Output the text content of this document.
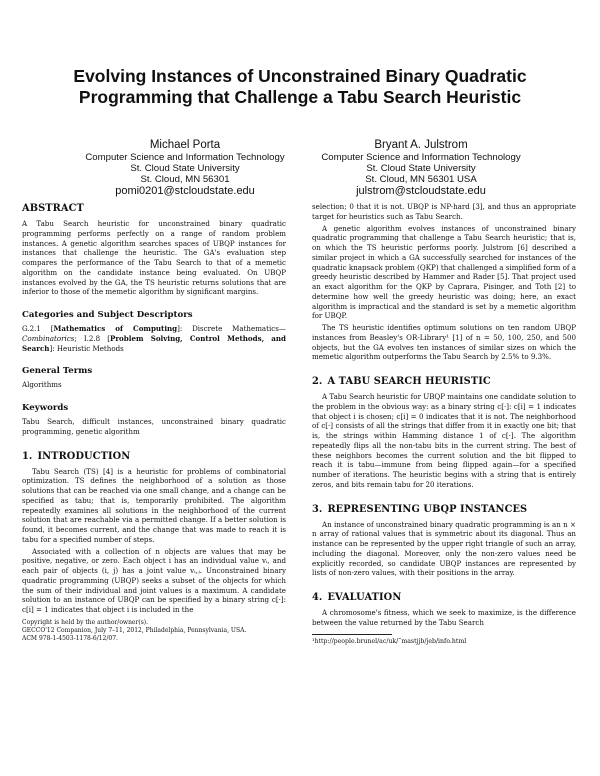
Evolving Instances of Unconstrained Binary Quadratic
Programming that Challenge a Tabu Search Heuristic
Michael Porta
Computer Science and Information Technology
St. Cloud State University
St. Cloud, MN 56301
pomi0201@stcloudstate.edu
Bryant A. Julstrom
Computer Science and Information Technology
St. Cloud State University
St. Cloud, MN 56301 USA
julstrom@stcloudstate.edu
ABSTRACT

A Tabu Search heuristic for unconstrained binary quadratic programming performs perfectly on a range of random problem instances. A genetic algorithm searches spaces of UBQP instances for instances that challenge the heuristic. The GA's evaluation step compares the performance of the Tabu Search to that of a memetic algorithm on the candidate instance being evaluated. On UBQP instances evolved by the GA, the TS heuristic returns solutions that are inferior to those of the memetic algorithm by significant margins.

Categories and Subject Descriptors

G.2.1 [Mathematics of Computing]: Discrete Mathematics—Combinatorics; I.2.8 [Problem Solving, Control Methods, and Search]: Heuristic Methods

General Terms

Algorithms

Keywords

Tabu Search, difficult instances, unconstrained binary quadratic programming, genetic algorithm

1. INTRODUCTION

Tabu Search (TS) [4] is a heuristic for problems of combinatorial optimization. TS defines the neighborhood of a solution as those solutions that can be reached via one small change, and a change can be specified as tabu; that is, temporarily prohibited. The algorithm repeatedly examines all solutions in the neighborhood of the current solution that are reachable via a permitted change. If a better solution is found, it becomes current, and the change that was made to reach it is tabu for a specified number of steps.

Associated with a collection of n objects are values that may be positive, negative, or zero. Each object i has an individual value vᵢ, and each pair of objects (i, j) has a joint value vᵢ,ⱼ. Unconstrained binary quadratic programming (UBQP) seeks a subset of the objects for which the sum of their individual and joint values is a maximum. A candidate solution to an instance of UBQP can be specified by a binary string c[·]: c[i] = 1 indicates that object i is included in the

Copyright is held by the author/owner(s).
GECCO'12 Companion, July 7–11, 2012, Philadelphia, Pennsylvania, USA.
ACM 978-1-4503-1178-6/12/07.

selection; 0 that it is not. UBQP is NP-hard [3], and thus an appropriate target for heuristics such as Tabu Search.

A genetic algorithm evolves instances of unconstrained binary quadratic programming that challenge a Tabu Search heuristic; that is, on which the TS heuristic performs poorly. Julstrom [6] described a similar project in which a GA successfully searched for instances of the quadratic knapsack problem (QKP) that challenged a simplified form of a greedy heuristic described by Hammer and Rader [5]. That project used an exact algorithm for the QKP by Caprara, Pisinger, and Toth [2] to determine how well the greedy heuristic was doing; here, an exact algorithm is impractical and the standard is set by a memetic algorithm for UBQP.

The TS heuristic identifies optimum solutions on ten random UBQP instances from Beasley's OR-Library¹ [1] of n = 50, 100, 250, and 500 objects, but the GA evolves ten instances of similar sizes on which the memetic algorithm outperforms the Tabu Search by 2.5% to 9.3%.

2. A TABU SEARCH HEURISTIC

A Tabu Search heuristic for UBQP maintains one candidate solution to the problem in the obvious way: as a binary string c[·]: c[i] = 1 indicates that object i is chosen; c[i] = 0 indicates that it is not. The neighborhood of c[·] consists of all the strings that differ from it in exactly one bit; that is, the strings within Hamming distance 1 of c[·]. The algorithm repeatedly flips all the non-tabu bits in the current string. The best of these neighbors becomes the current solution and the bit flipped to reach it is tabu—immune from being flipped again—for a specified number of iterations. The heuristic begins with a string that is entirely zeros, and bits remain tabu for 20 iterations.

3. REPRESENTING UBQP INSTANCES

An instance of unconstrained binary quadratic programming is an n × n array of rational values that is symmetric about its diagonal. Thus an instance can be represented by the upper right triangle of such an array, including the diagonal. Moreover, only the non-zero values need be explicitly recorded, so candidate UBQP instances are represented by lists of non-zero values, with their positions in the array.

4. EVALUATION

A chromosome's fitness, which we seek to maximize, is the difference between the value returned by the Tabu Search

¹http://people.brunel/ac/uk/˜mastjjb/jeb/info.html
